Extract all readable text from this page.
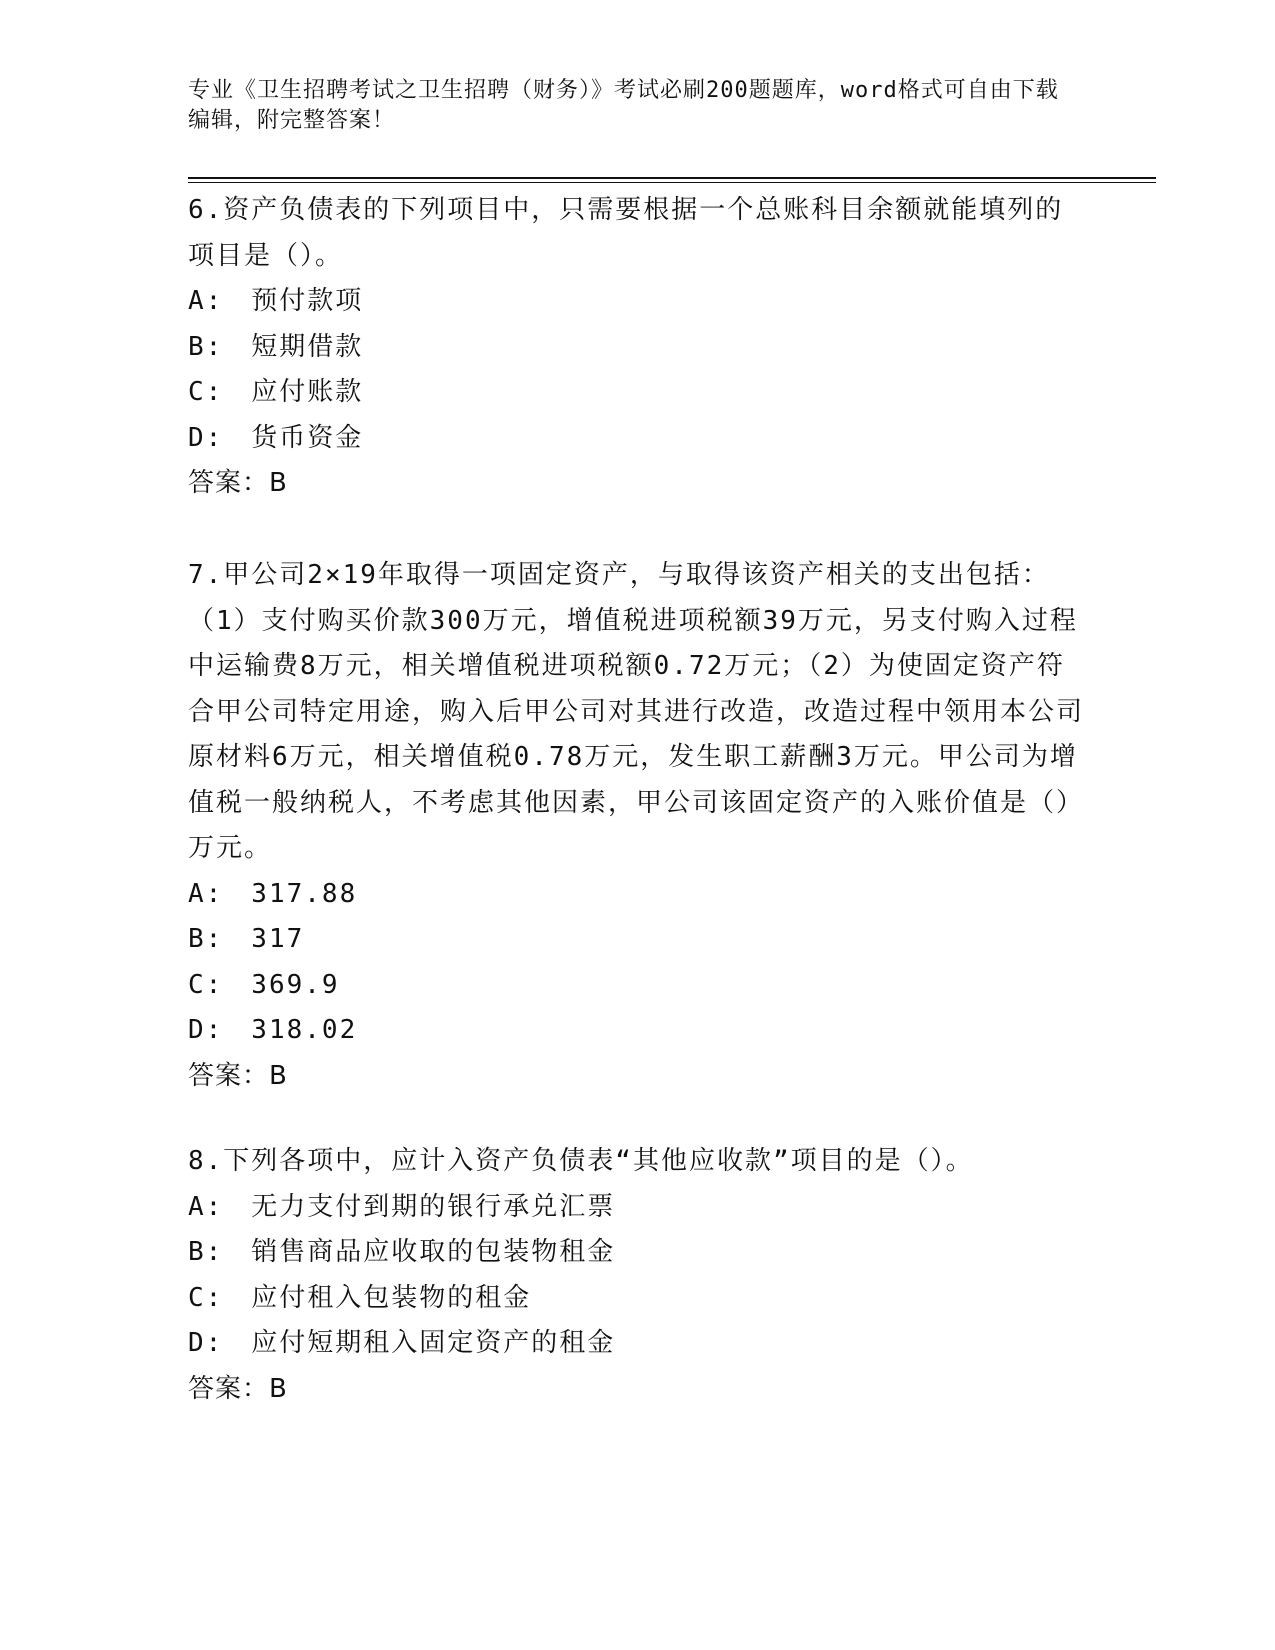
专业《卫生招聘考试之卫生招聘（财务）》考试必刷200题题库，word格式可自由下载编辑，附完整答案！

6.资产负债表的下列项目中，只需要根据一个总账科目余额就能填列的项目是（）。

A:　预付款项
B:　短期借款
C:　应付账款
D:　货币资金
答案：B

7.甲公司2×19年取得一项固定资产，与取得该资产相关的支出包括：（1）支付购买价款300万元，增值税进项税额39万元，另支付购入过程中运输费8万元，相关增值税进项税额0.72万元；（2）为使固定资产符合甲公司特定用途，购入后甲公司对其进行改造，改造过程中领用本公司原材料6万元，相关增值税0.78万元，发生职工薪酬3万元。甲公司为增值税一般纳税人，不考虑其他因素，甲公司该固定资产的入账价值是（）万元。

A:　317.88
B:　317
C:　369.9
D:　318.02
答案：B

8.下列各项中，应计入资产负债表“其他应收款”项目的是（）。

A:　无力支付到期的银行承兑汇票
B:　销售商品应收取的包装物租金
C:　应付租入包装物的租金
D:　应付短期租入固定资产的租金
答案：B
